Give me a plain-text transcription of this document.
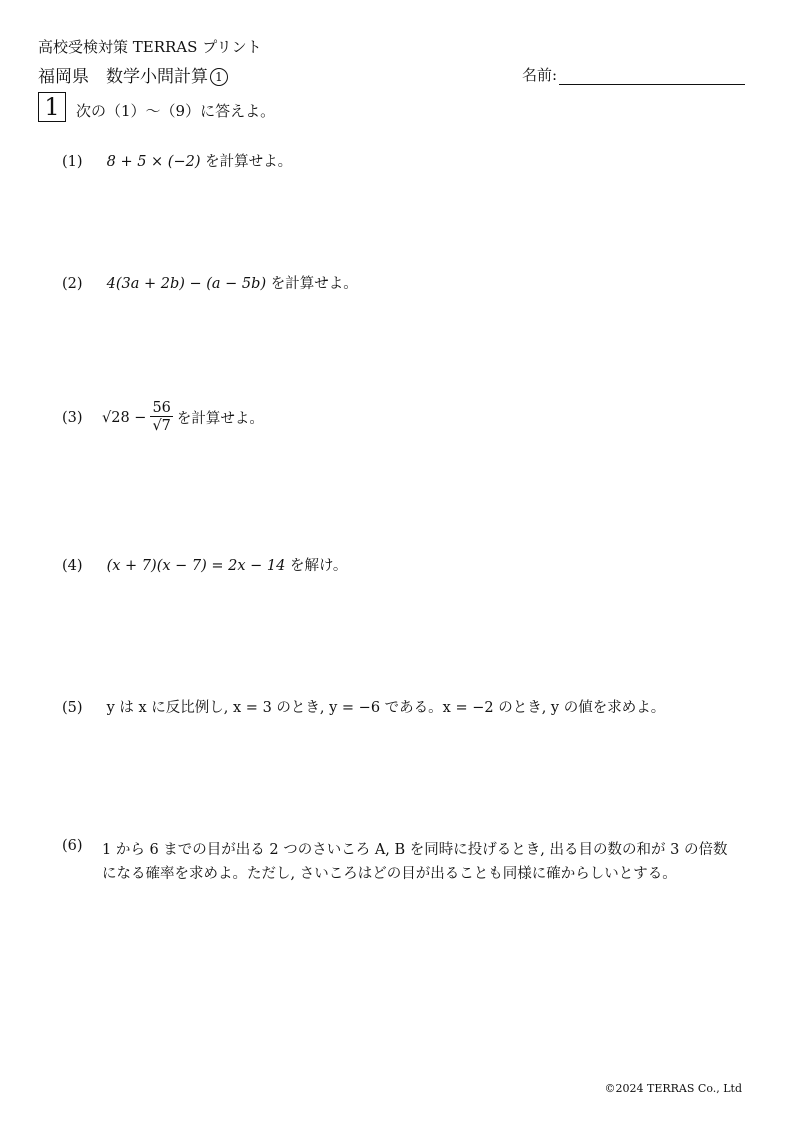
高校受検対策 TERRAS プリント
福岡県　数学小問計算 1	名前:
1	次の（1）〜（9）に答えよ。
(1) 8 + 5 × (−2) を計算せよ。
(2) 4(3a + 2b) − (a − 5b) を計算せよ。
(3)	$√28 - \frac{56}{√7}$ を計算せよ。
(4) (x + 7)(x − 7) = 2x − 14 を解け。
(5) y は x に反比例し, x = 3 のとき, y = −6 である。x = −2 のとき, y の値を求めよ。
(6) 1 から 6 までの目が出る 2 つのさいころ A, B を同時に投げるとき, 出る目の数の和が 3 の倍数
になる確率を求めよ。ただし, さいころはどの目が出ることも同様に確からしいとする。
©2024 TERRAS Co., Ltd
